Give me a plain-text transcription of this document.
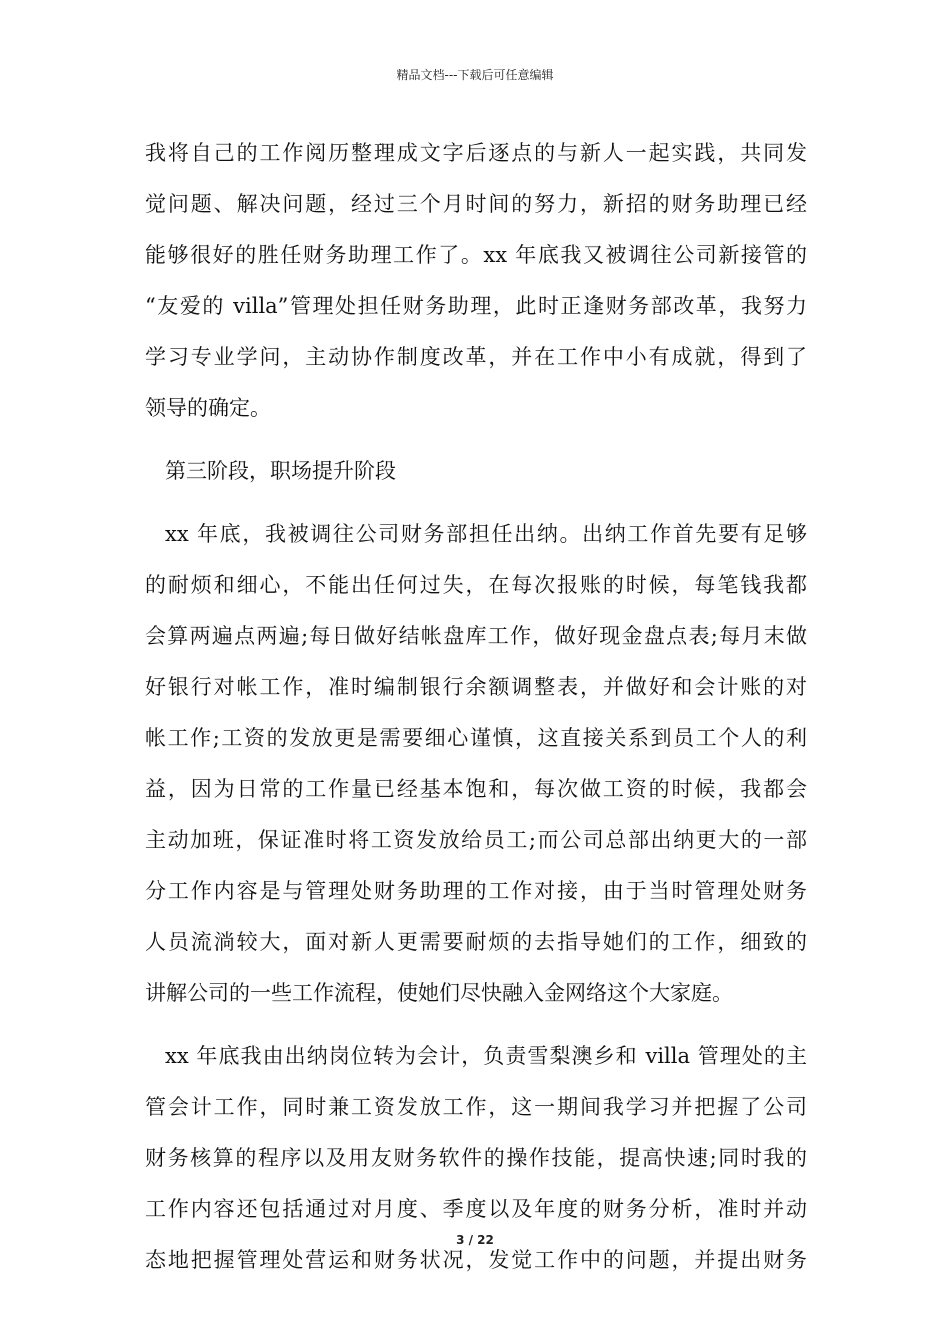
精品文档---下载后可任意编辑
我将自己的工作阅历整理成文字后逐点的与新人一起实践，共同发
觉问题、解决问题，经过三个月时间的努力，新招的财务助理已经
能够很好的胜任财务助理工作了。xx 年底我又被调往公司新接管的
“友爱的 villa”管理处担任财务助理，此时正逢财务部改革，我努力
学习专业学问，主动协作制度改革，并在工作中小有成就，得到了
领导的确定。
第三阶段，职场提升阶段
xx 年底，我被调往公司财务部担任出纳。出纳工作首先要有足够
的耐烦和细心，不能出任何过失，在每次报账的时候，每笔钱我都
会算两遍点两遍;每日做好结帐盘库工作，做好现金盘点表;每月末做
好银行对帐工作，准时编制银行余额调整表，并做好和会计账的对
帐工作;工资的发放更是需要细心谨慎，这直接关系到员工个人的利
益，因为日常的工作量已经基本饱和，每次做工资的时候，我都会
主动加班，保证准时将工资发放给员工;而公司总部出纳更大的一部
分工作内容是与管理处财务助理的工作对接，由于当时管理处财务
人员流淌较大，面对新人更需要耐烦的去指导她们的工作，细致的
讲解公司的一些工作流程，使她们尽快融入金网络这个大家庭。
xx 年底我由出纳岗位转为会计，负责雪梨澳乡和 villa 管理处的主
管会计工作，同时兼工资发放工作，这一期间我学习并把握了公司
财务核算的程序以及用友财务软件的操作技能，提高快速;同时我的
工作内容还包括通过对月度、季度以及年度的财务分析，准时并动
态地把握管理处营运和财务状况，发觉工作中的问题，并提出财务
3 / 22
